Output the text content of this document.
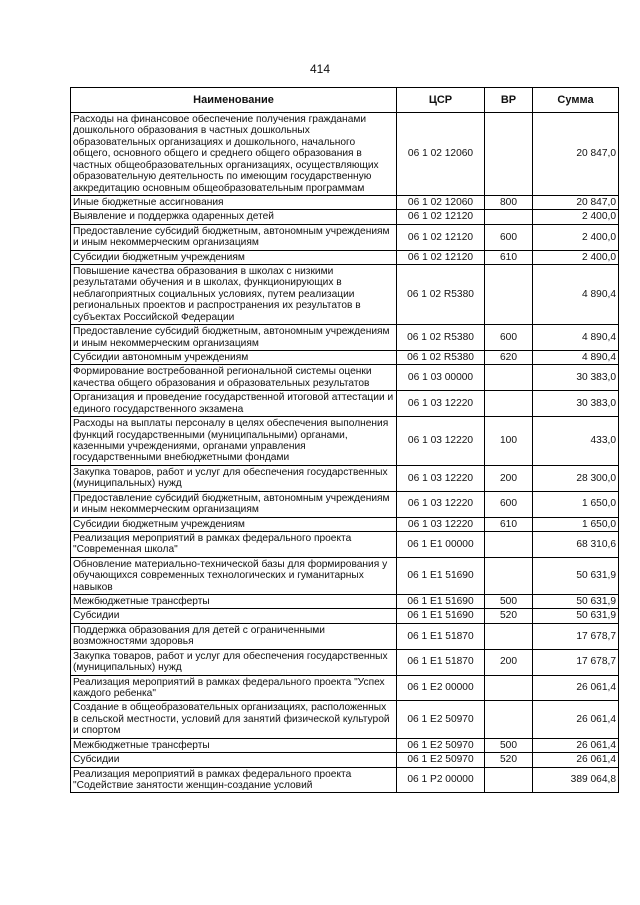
414
Наименование	ЦСР	ВР	Сумма
Расходы на финансовое обеспечение получения гражданами дошкольного образования в частных дошкольных образовательных организациях и дошкольного, начального общего, основного общего и среднего общего образования в частных общеобразовательных организациях, осуществляющих образовательную деятельность по имеющим государственную аккредитацию основным общеобразовательным программам	06 1 02 12060		20 847,0
Иные бюджетные ассигнования	06 1 02 12060	800	20 847,0
Выявление и поддержка одаренных детей	06 1 02 12120		2 400,0
Предоставление субсидий бюджетным, автономным учреждениям и иным некоммерческим организациям	06 1 02 12120	600	2 400,0
Субсидии бюджетным учреждениям	06 1 02 12120	610	2 400,0
Повышение качества образования в школах с низкими результатами обучения и в школах, функционирующих в неблагоприятных социальных условиях, путем реализации региональных проектов и распространения их результатов в субъектах Российской Федерации	06 1 02 R5380		4 890,4
Предоставление субсидий бюджетным, автономным учреждениям и иным некоммерческим организациям	06 1 02 R5380	600	4 890,4
Субсидии автономным учреждениям	06 1 02 R5380	620	4 890,4
Формирование востребованной региональной системы оценки качества общего образования и образовательных результатов	06 1 03 00000		30 383,0
Организация и проведение государственной итоговой аттестации и единого государственного экзамена	06 1 03 12220		30 383,0
Расходы на выплаты персоналу в целях обеспечения выполнения функций государственными (муниципальными) органами, казенными учреждениями, органами управления государственными внебюджетными фондами	06 1 03 12220	100	433,0
Закупка товаров, работ и услуг для обеспечения государственных (муниципальных) нужд	06 1 03 12220	200	28 300,0
Предоставление субсидий бюджетным, автономным учреждениям и иным некоммерческим организациям	06 1 03 12220	600	1 650,0
Субсидии бюджетным учреждениям	06 1 03 12220	610	1 650,0
Реализация мероприятий в рамках федерального проекта "Современная школа"	06 1 E1 00000		68 310,6
Обновление материально-технической базы для формирования у обучающихся современных технологических и гуманитарных навыков	06 1 E1 51690		50 631,9
Межбюджетные трансферты	06 1 E1 51690	500	50 631,9
Субсидии	06 1 E1 51690	520	50 631,9
Поддержка образования для детей с ограниченными возможностями здоровья	06 1 E1 51870		17 678,7
Закупка товаров, работ и услуг для обеспечения государственных (муниципальных) нужд	06 1 E1 51870	200	17 678,7
Реализация мероприятий в рамках федерального проекта "Успех каждого ребенка"	06 1 E2 00000		26 061,4
Создание в общеобразовательных организациях, расположенных в сельской местности, условий для занятий физической культурой и спортом	06 1 E2 50970		26 061,4
Межбюджетные трансферты	06 1 E2 50970	500	26 061,4
Субсидии	06 1 E2 50970	520	26 061,4
Реализация мероприятий в рамках федерального проекта "Содействие занятости женщин-создание условий	06 1 P2 00000		389 064,8
